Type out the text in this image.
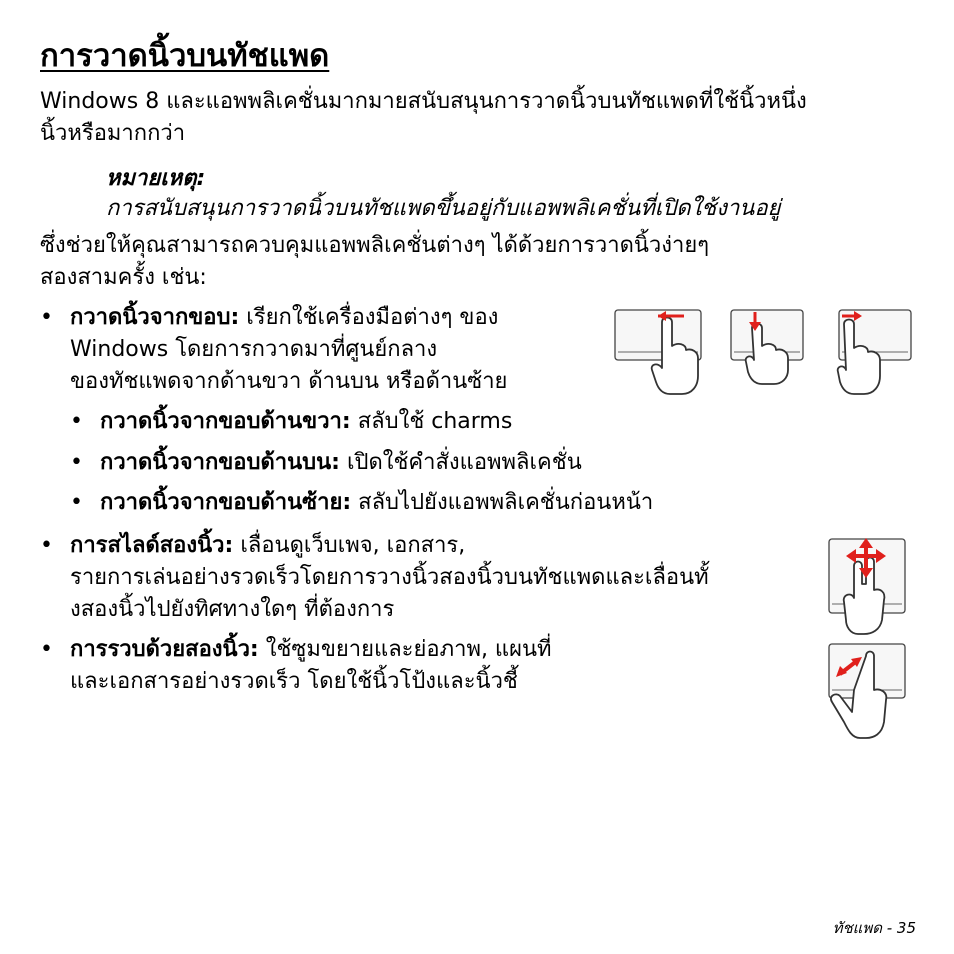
การวาดนิ้วบนทัชแพด
Windows 8 และแอพพลิเคชั่นมากมายสนับสนุนการวาดนิ้วบนทัชแพดที่ใช้นิ้วหนึ่ง
นิ้วหรือมากกว่า
หมายเหตุ:
การสนับสนุนการวาดนิ้วบนทัชแพดขึ้นอยู่กับแอพพลิเคชั่นที่เปิดใช้งานอยู่
ซึ่งช่วยให้คุณสามารถควบคุมแอพพลิเคชั่นต่างๆ ได้ด้วยการวาดนิ้วง่ายๆ
สองสามครั้ง เช่น:
• กวาดนิ้วจากขอบ: เรียกใช้เครื่องมือต่างๆ ของ
Windows โดยการกวาดมาที่ศูนย์กลาง
ของทัชแพดจากด้านขวา ด้านบน หรือด้านซ้าย
• กวาดนิ้วจากขอบด้านขวา: สลับใช้ charms
• กวาดนิ้วจากขอบด้านบน: เปิดใช้คำสั่งแอพพลิเคชั่น
• กวาดนิ้วจากขอบด้านซ้าย: สลับไปยังแอพพลิเคชั่นก่อนหน้า
• การสไลด์สองนิ้ว: เลื่อนดูเว็บเพจ, เอกสาร,
รายการเล่นอย่างรวดเร็วโดยการวางนิ้วสองนิ้วบนทัชแพดและเลื่อนทั้
งสองนิ้วไปยังทิศทางใดๆ ที่ต้องการ
• การรวบด้วยสองนิ้ว: ใช้ซูมขยายและย่อภาพ, แผนที่
และเอกสารอย่างรวดเร็ว โดยใช้นิ้วโป้งและนิ้วชี้
ทัชแพด - 35
